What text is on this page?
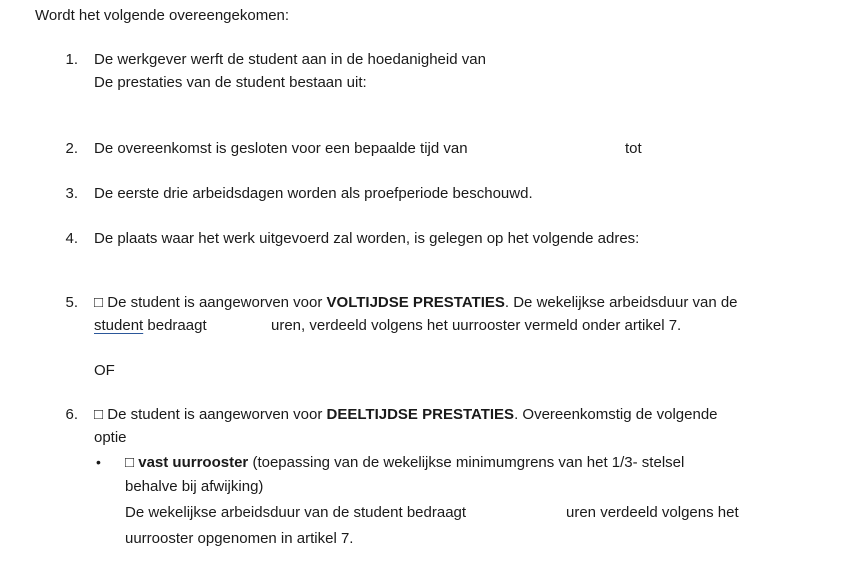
Wordt het volgende overeengekomen:
1. De werkgever werft de student aan in de hoedanigheid van
De prestaties van de student bestaan uit:
2. De overeenkomst is gesloten voor een bepaalde tijd van	tot
3. De eerste drie arbeidsdagen worden als proefperiode beschouwd.
4. De plaats waar het werk uitgevoerd zal worden, is gelegen op het volgende adres:
5. □ De student is aangeworven voor VOLTIJDSE PRESTATIES. De wekelijkse arbeidsduur van de
student bedraagt	uren, verdeeld volgens het uurrooster vermeld onder artikel 7.
OF
6. □ De student is aangeworven voor DEELTIJDSE PRESTATIES. Overeenkomstig de volgende
optie
• □ vast uurrooster (toepassing van de wekelijkse minimumgrens van het 1/3- stelsel
behalve bij afwijking)
De wekelijkse arbeidsduur van de student bedraagt	uren verdeeld volgens het
uurrooster opgenomen in artikel 7.
